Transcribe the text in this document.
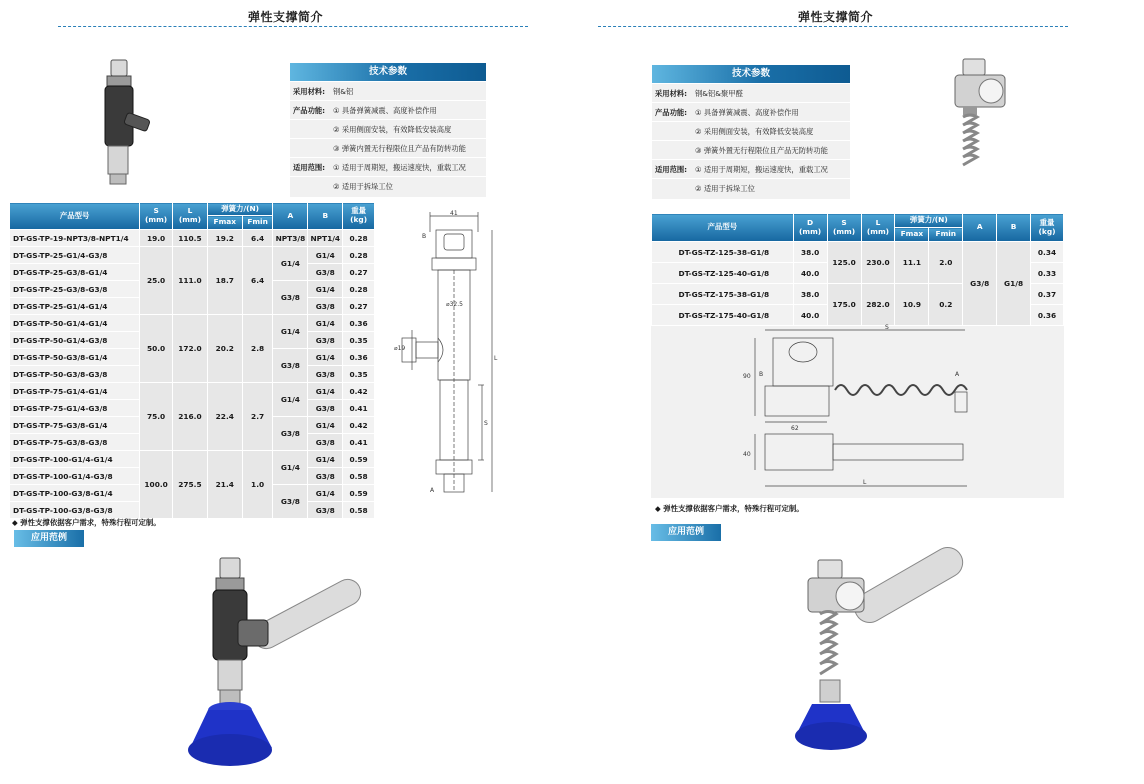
弹性支撑简介
技术参数
采用材料: 钢&铝
产品功能: ① 具备弹簧减震、高度补偿作用
② 采用侧面安装，有效降低安装高度
③ 弹簧内置无行程限位且产品有防转功能
适用范围: ① 适用于周期短，搬运速度快，重载工况
② 适用于拆垛工位
产品型号	S
(mm)	L
(mm)	弹簧力/(N)		A	B	重量
(kg)
			Fmax	Fmin			
DT-GS-TP-19-NPT3/8-NPT1/4	19.0	110.5	19.2	6.4	NPT3/8	NPT1/4	0.28
DT-GS-TP-25-G1/4-G3/8	25.0	111.0	18.7	6.4	G1/4	G1/4	0.28
DT-GS-TP-25-G3/8-G1/4						G3/8	0.27
DT-GS-TP-25-G3/8-G3/8					G3/8	G1/4	0.28
DT-GS-TP-25-G1/4-G1/4						G3/8	0.27
DT-GS-TP-50-G1/4-G1/4	50.0	172.0	20.2	2.8	G1/4	G1/4	0.36
DT-GS-TP-50-G1/4-G3/8						G3/8	0.35
DT-GS-TP-50-G3/8-G1/4					G3/8	G1/4	0.36
DT-GS-TP-50-G3/8-G3/8						G3/8	0.35
DT-GS-TP-75-G1/4-G1/4	75.0	216.0	22.4	2.7	G1/4	G1/4	0.42
DT-GS-TP-75-G1/4-G3/8						G3/8	0.41
DT-GS-TP-75-G3/8-G1/4					G3/8	G1/4	0.42
DT-GS-TP-75-G3/8-G3/8						G3/8	0.41
DT-GS-TP-100-G1/4-G1/4	100.0	275.5	21.4	1.0	G1/4	G1/4	0.59
DT-GS-TP-100-G1/4-G3/8						G3/8	0.58
DT-GS-TP-100-G3/8-G1/4					G3/8	G1/4	0.59
DT-GS-TP-100-G3/8-G3/8						G3/8	0.58
◆ 弹性支撑依据客户需求，特殊行程可定制。
应用范例
41
B
⌀32.5
⌀19
L
S
A
弹性支撑简介
技术参数
采用材料: 钢&铝&聚甲醛
产品功能: ① 具备弹簧减震、高度补偿作用
② 采用侧面安装，有效降低安装高度
③ 弹簧外置无行程限位且产品无防转功能
适用范围: ① 适用于周期短，搬运速度快，重载工况
② 适用于拆垛工位
产品型号	D
(mm)	S
(mm)	L
(mm)	弹簧力/(N)		A	B	重量
(kg)
				Fmax	Fmin			
DT-GS-TZ-125-38-G1/8	38.0	125.0	230.0	11.1	2.0	G3/8	G1/8	0.34
DT-GS-TZ-125-40-G1/8	40.0							0.33
DT-GS-TZ-175-38-G1/8	38.0	175.0	282.0	10.9	0.2			0.37
DT-GS-TZ-175-40-G1/8	40.0							0.36
S
A
B
90
62
40
L
◆ 弹性支撑依据客户需求，特殊行程可定制。
应用范例
